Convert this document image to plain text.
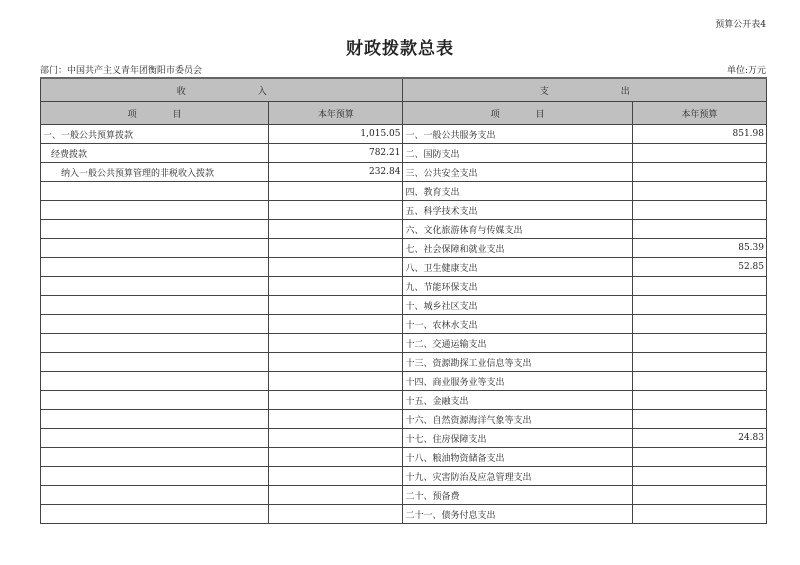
预算公开表4
财政拨款总表
部门：中国共产主义青年团衡阳市委员会	单位:万元
收　　　　　　　　入		支　　　　　　　　出	
项　　　　目	本年预算	项　　　　目	本年预算
一、一般公共预算拨款	1,015.05	一、一般公共服务支出	851.98
经费拨款	782.21	二、国防支出	
纳入一般公共预算管理的非税收入拨款	232.84	三、公共安全支出	
		四、教育支出	
		五、科学技术支出	
		六、文化旅游体育与传媒支出	
		七、社会保障和就业支出	85.39
		八、卫生健康支出	52.85
		九、节能环保支出	
		十、城乡社区支出	
		十一、农林水支出	
		十二、交通运输支出	
		十三、资源勘探工业信息等支出	
		十四、商业服务业等支出	
		十五、金融支出	
		十六、自然资源海洋气象等支出	
		十七、住房保障支出	24.83
		十八、粮油物资储备支出	
		十九、灾害防治及应急管理支出	
		二十、预备费	
		二十一、债务付息支出	
